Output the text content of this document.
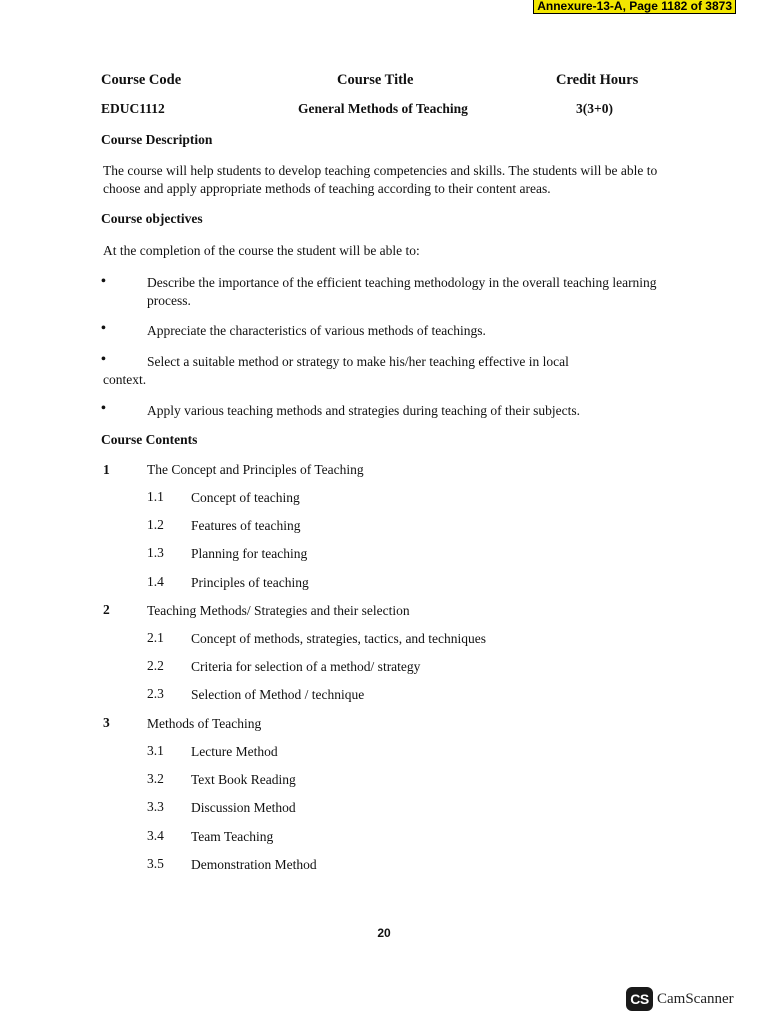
Annexure-13-A, Page 1182 of 3873
Course Code	Course Title	Credit Hours
EDUC1112	General Methods of Teaching	3(3+0)
Course Description
The course will help students to develop teaching competencies and skills. The students will be able to choose and apply appropriate methods of teaching according to their content areas.
Course objectives
At the completion of the course the student will be able to:
•	Describe the importance of the efficient teaching methodology in the overall teaching learning process.
•	Appreciate the characteristics of various methods of teachings.
•	Select a suitable method or strategy to make his/her teaching effective in local
context.
•	Apply various teaching methods and strategies during teaching of their subjects.
Course Contents
1	The Concept and Principles of Teaching
1.1 Concept of teaching
1.2 Features of teaching
1.3 Planning for teaching
1.4 Principles of teaching
2	Teaching Methods/ Strategies and their selection
2.1 Concept of methods, strategies, tactics, and techniques
2.2 Criteria for selection of a method/ strategy
2.3 Selection of Method / technique
3	Methods of Teaching
3.1 Lecture Method
3.2 Text Book Reading
3.3 Discussion Method
3.4 Team Teaching
3.5 Demonstration Method
20
CS CamScanner
